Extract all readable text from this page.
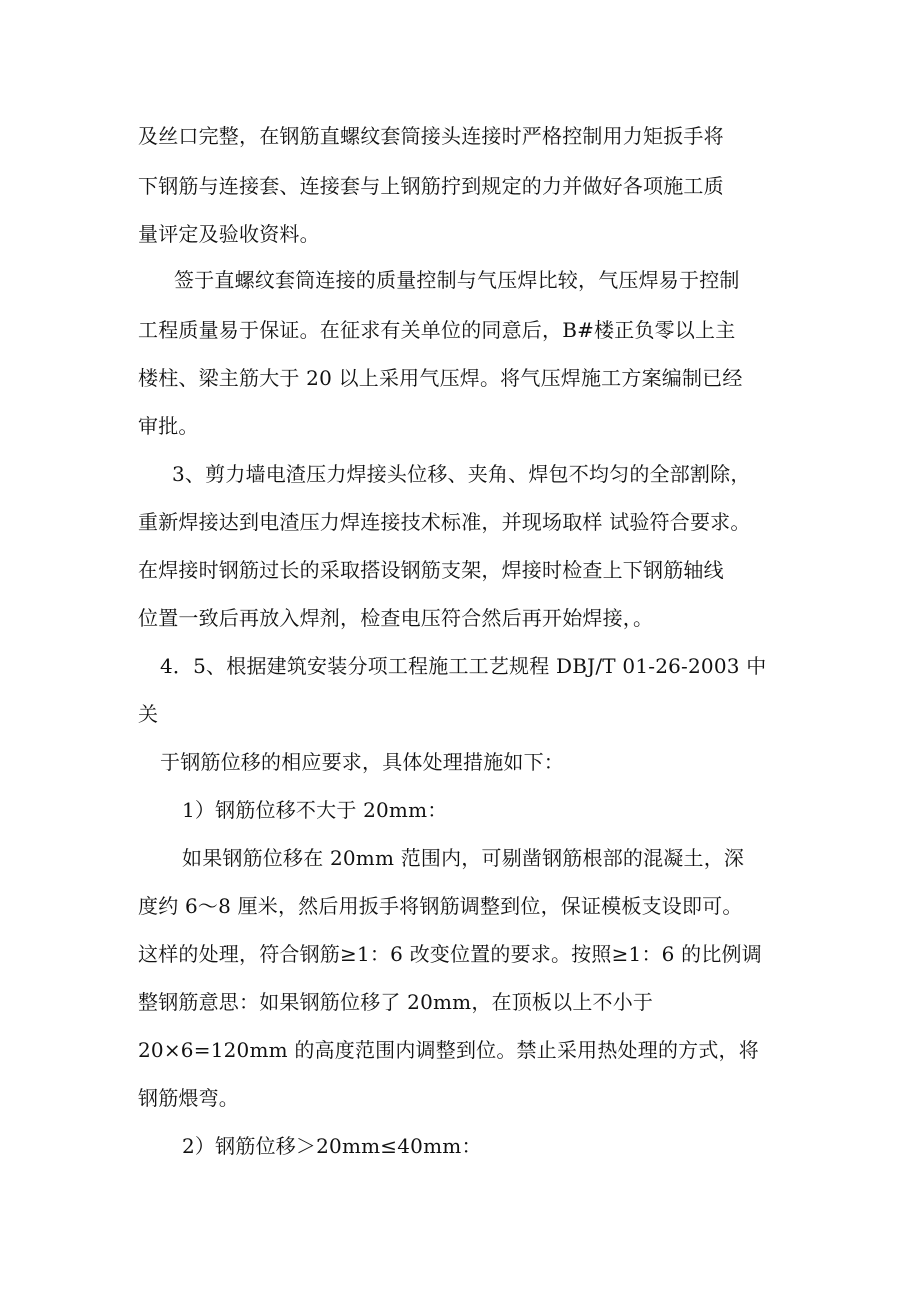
及丝口完整，在钢筋直螺纹套筒接头连接时严格控制用力矩扳手将
下钢筋与连接套、连接套与上钢筋拧到规定的力并做好各项施工质
量评定及验收资料。
签于直螺纹套筒连接的质量控制与气压焊比较，气压焊易于控制
工程质量易于保证。在征求有关单位的同意后，B#楼正负零以上主
楼柱、梁主筋大于 20 以上采用气压焊。将气压焊施工方案编制已经
审批。
3、剪力墙电渣压力焊接头位移、夹角、焊包不均匀的全部割除，
重新焊接达到电渣压力焊连接技术标准，并现场取样 试验符合要求。
在焊接时钢筋过长的采取搭设钢筋支架，焊接时检查上下钢筋轴线
位置一致后再放入焊剂，检查电压符合然后再开始焊接，。
4．5、根据建筑安装分项工程施工工艺规程 DBJ/T 01-26-2003 中
关
于钢筋位移的相应要求，具体处理措施如下：
1）钢筋位移不大于 20mm：
如果钢筋位移在 20mm 范围内，可剔凿钢筋根部的混凝土，深
度约 6～8 厘米，然后用扳手将钢筋调整到位，保证模板支设即可。
这样的处理，符合钢筋≥1：6 改变位置的要求。按照≥1：6 的比例调
整钢筋意思：如果钢筋位移了 20mm，在顶板以上不小于
20×6=120mm 的高度范围内调整到位。禁止采用热处理的方式，将
钢筋煨弯。
2）钢筋位移＞20mm≤40mm：
